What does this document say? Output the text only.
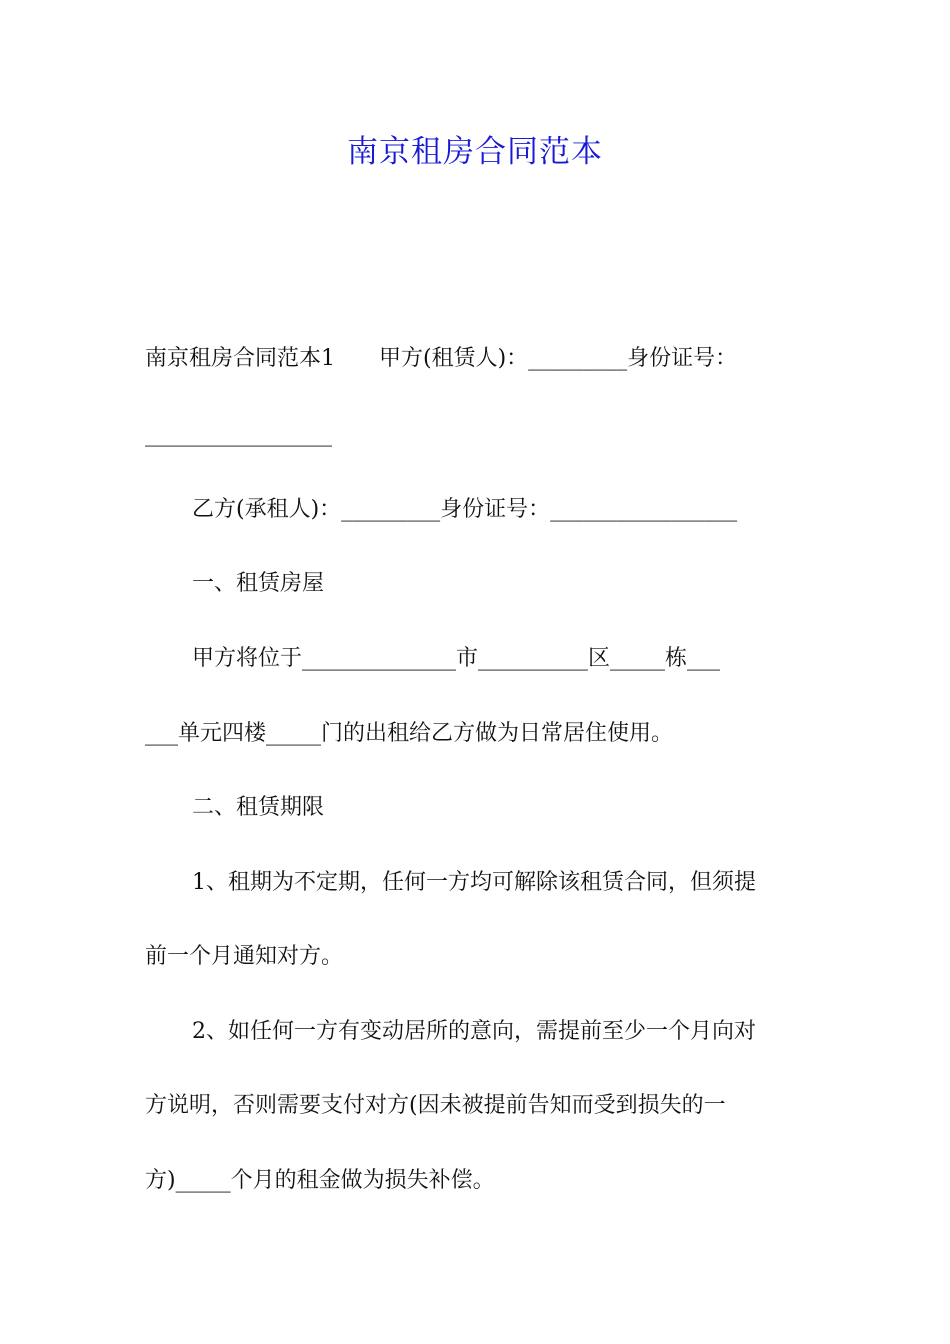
南京租房合同范本
南京租房合同范本1　　甲方(租赁人)：_________身份证号：
_________________
乙方(承租人)：_________身份证号：_________________
一、租赁房屋
甲方将位于______________市__________区_____栋___
___单元四楼_____门的出租给乙方做为日常居住使用。
二、租赁期限
1、租期为不定期，任何一方均可解除该租赁合同，但须提
前一个月通知对方。
2、如任何一方有变动居所的意向，需提前至少一个月向对
方说明，否则需要支付对方(因未被提前告知而受到损失的一
方)_____个月的租金做为损失补偿。
